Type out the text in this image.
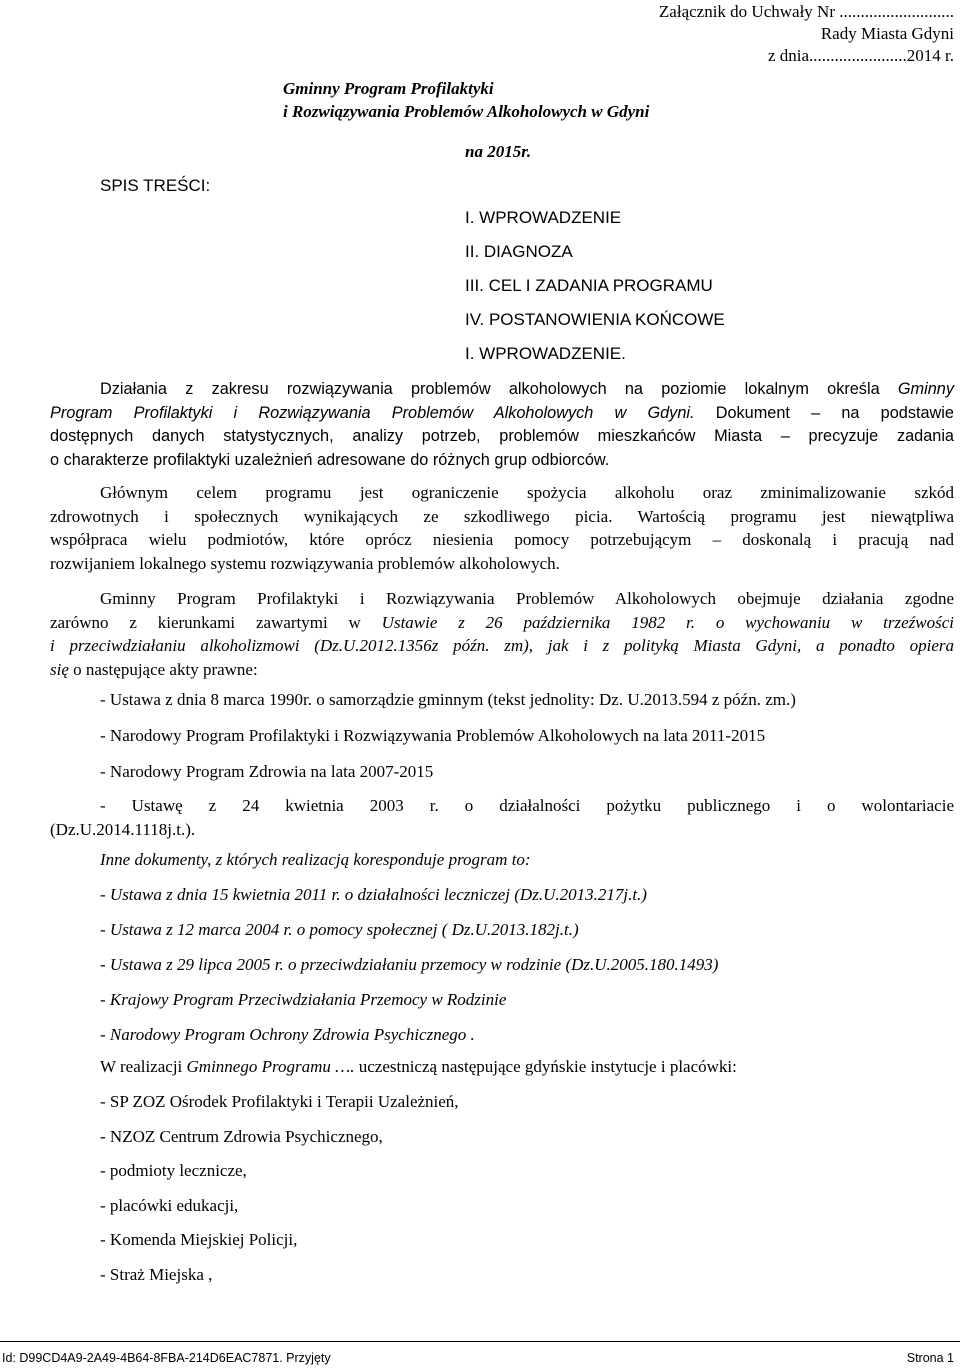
Załącznik do Uchwały Nr ...........................
Rady Miasta Gdyni
z dnia.......................2014 r.
Gminny Program Profilaktyki
i Rozwiązywania Problemów Alkoholowych w Gdyni
na 2015r.
SPIS TREŚCI:
I. WPROWADZENIE
II. DIAGNOZA
III. CEL I ZADANIA PROGRAMU
IV. POSTANOWIENIA KOŃCOWE
I. WPROWADZENIE.
Działania z zakresu rozwiązywania problemów alkoholowych na poziomie lokalnym określa Gminny
Program Profilaktyki i Rozwiązywania Problemów Alkoholowych w Gdyni. Dokument – na podstawie
dostępnych danych statystycznych, analizy potrzeb, problemów mieszkańców Miasta – precyzuje zadania
o charakterze profilaktyki uzależnień adresowane do różnych grup odbiorców.
Głównym celem programu jest ograniczenie spożycia alkoholu oraz zminimalizowanie szkód
zdrowotnych i społecznych wynikających ze szkodliwego picia. Wartością programu jest niewątpliwa
współpraca wielu podmiotów, które oprócz niesienia pomocy potrzebującym – doskonalą i pracują nad
rozwijaniem lokalnego systemu rozwiązywania problemów alkoholowych.
Gminny Program Profilaktyki i Rozwiązywania Problemów Alkoholowych obejmuje działania zgodne
zarówno z kierunkami zawartymi w Ustawie z 26 października 1982 r. o wychowaniu w trzeźwości
i przeciwdziałaniu alkoholizmowi (Dz.U.2012.1356z późn. zm), jak i z polityką Miasta Gdyni, a ponadto opiera
się o następujące akty prawne:
- Ustawa z dnia 8 marca 1990r. o samorządzie gminnym (tekst jednolity: Dz. U.2013.594 z późn. zm.)
- Narodowy Program Profilaktyki i Rozwiązywania Problemów Alkoholowych na lata 2011-2015
- Narodowy Program Zdrowia na lata 2007-2015
- Ustawę z 24 kwietnia 2003 r. o działalności pożytku publicznego i o wolontariacie
(Dz.U.2014.1118j.t.).
Inne dokumenty, z których realizacją koresponduje program to:
- Ustawa z dnia 15 kwietnia 2011 r. o działalności leczniczej (Dz.U.2013.217j.t.)
- Ustawa z 12 marca 2004 r. o pomocy społecznej ( Dz.U.2013.182j.t.)
- Ustawa z 29 lipca 2005 r. o przeciwdziałaniu przemocy w rodzinie (Dz.U.2005.180.1493)
- Krajowy Program Przeciwdziałania Przemocy w Rodzinie
- Narodowy Program Ochrony Zdrowia Psychicznego .
W realizacji Gminnego Programu …. uczestniczą następujące gdyńskie instytucje i placówki:
- SP ZOZ Ośrodek Profilaktyki i Terapii Uzależnień,
- NZOZ Centrum Zdrowia Psychicznego,
- podmioty lecznicze,
- placówki edukacji,
- Komenda Miejskiej Policji,
- Straż Miejska ,
Id: D99CD4A9-2A49-4B64-8FBA-214D6EAC7871. Przyjęty	Strona 1
